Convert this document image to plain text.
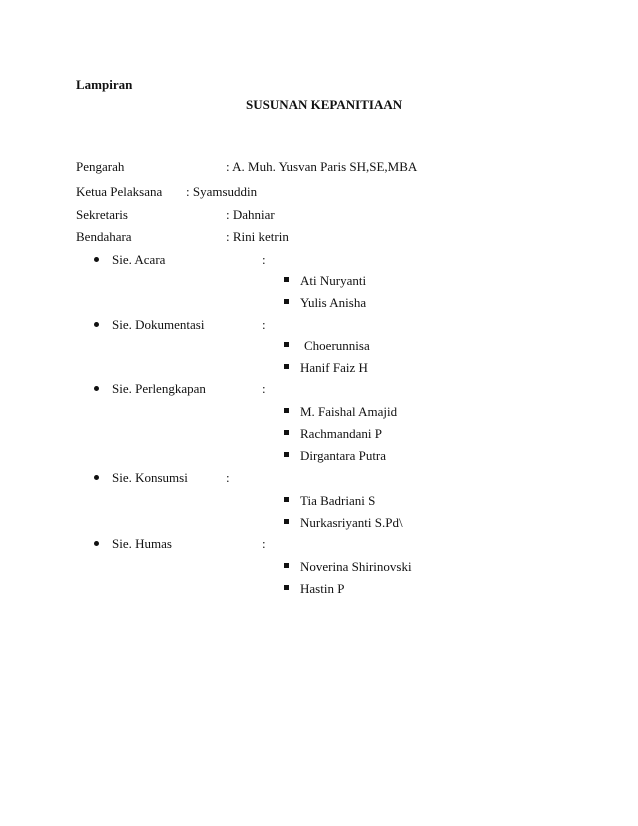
Lampiran
SUSUNAN KEPANITIAAN
Pengarah	: A. Muh. Yusvan Paris SH,SE,MBA
Ketua Pelaksana : Syamsuddin
Sekretaris	: Dahniar
Bendahara	: Rini ketrin
Sie. Acara	:
Ati Nuryanti
Yulis Anisha
Sie. Dokumentasi	:
Choerunnisa
Hanif Faiz H
Sie. Perlengkapan	:
M. Faishal Amajid
Rachmandani P
Dirgantara Putra
Sie. Konsumsi	:
Tia Badriani S
Nurkasriyanti S.Pd\
Sie. Humas	:
Noverina Shirinovski
Hastin P
